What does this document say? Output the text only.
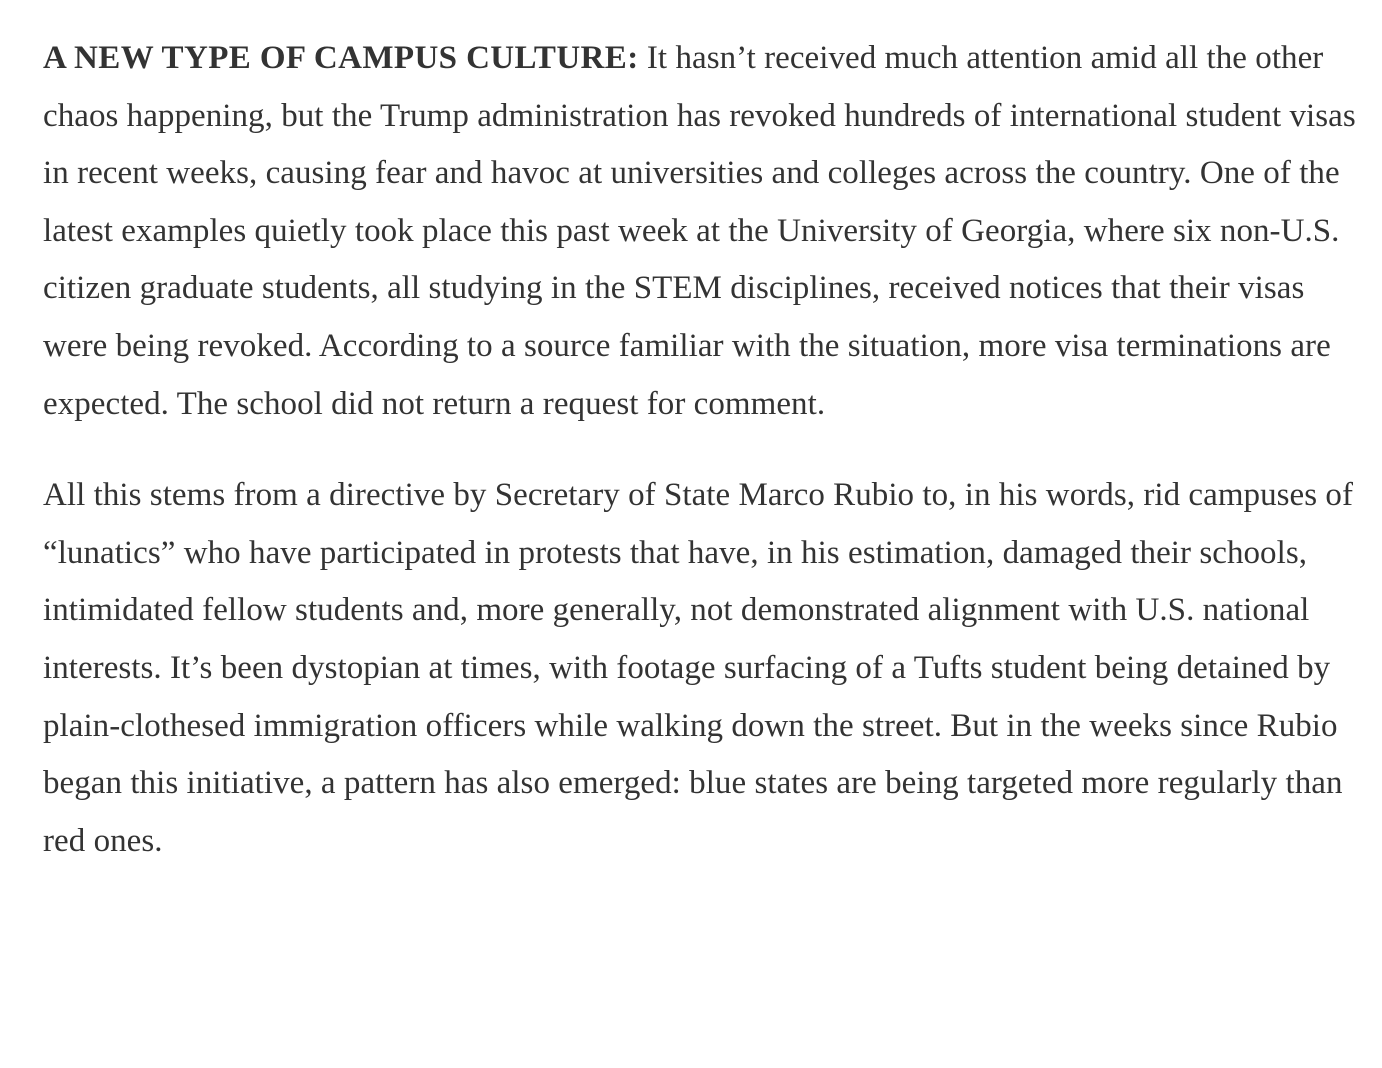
A NEW TYPE OF CAMPUS CULTURE: It hasn’t received much attention amid all the other chaos happening, but the Trump administration has revoked hundreds of international student visas in recent weeks, causing fear and havoc at universities and colleges across the country. One of the latest examples quietly took place this past week at the University of Georgia, where six non-U.S. citizen graduate students, all studying in the STEM disciplines, received notices that their visas were being revoked. According to a source familiar with the situation, more visa terminations are expected. The school did not return a request for comment.

All this stems from a directive by Secretary of State Marco Rubio to, in his words, rid campuses of “lunatics” who have participated in protests that have, in his estimation, damaged their schools, intimidated fellow students and, more generally, not demonstrated alignment with U.S. national interests. It’s been dystopian at times, with footage surfacing of a Tufts student being detained by plain-clothesed immigration officers while walking down the street. But in the weeks since Rubio began this initiative, a pattern has also emerged: blue states are being targeted more regularly than red ones.
